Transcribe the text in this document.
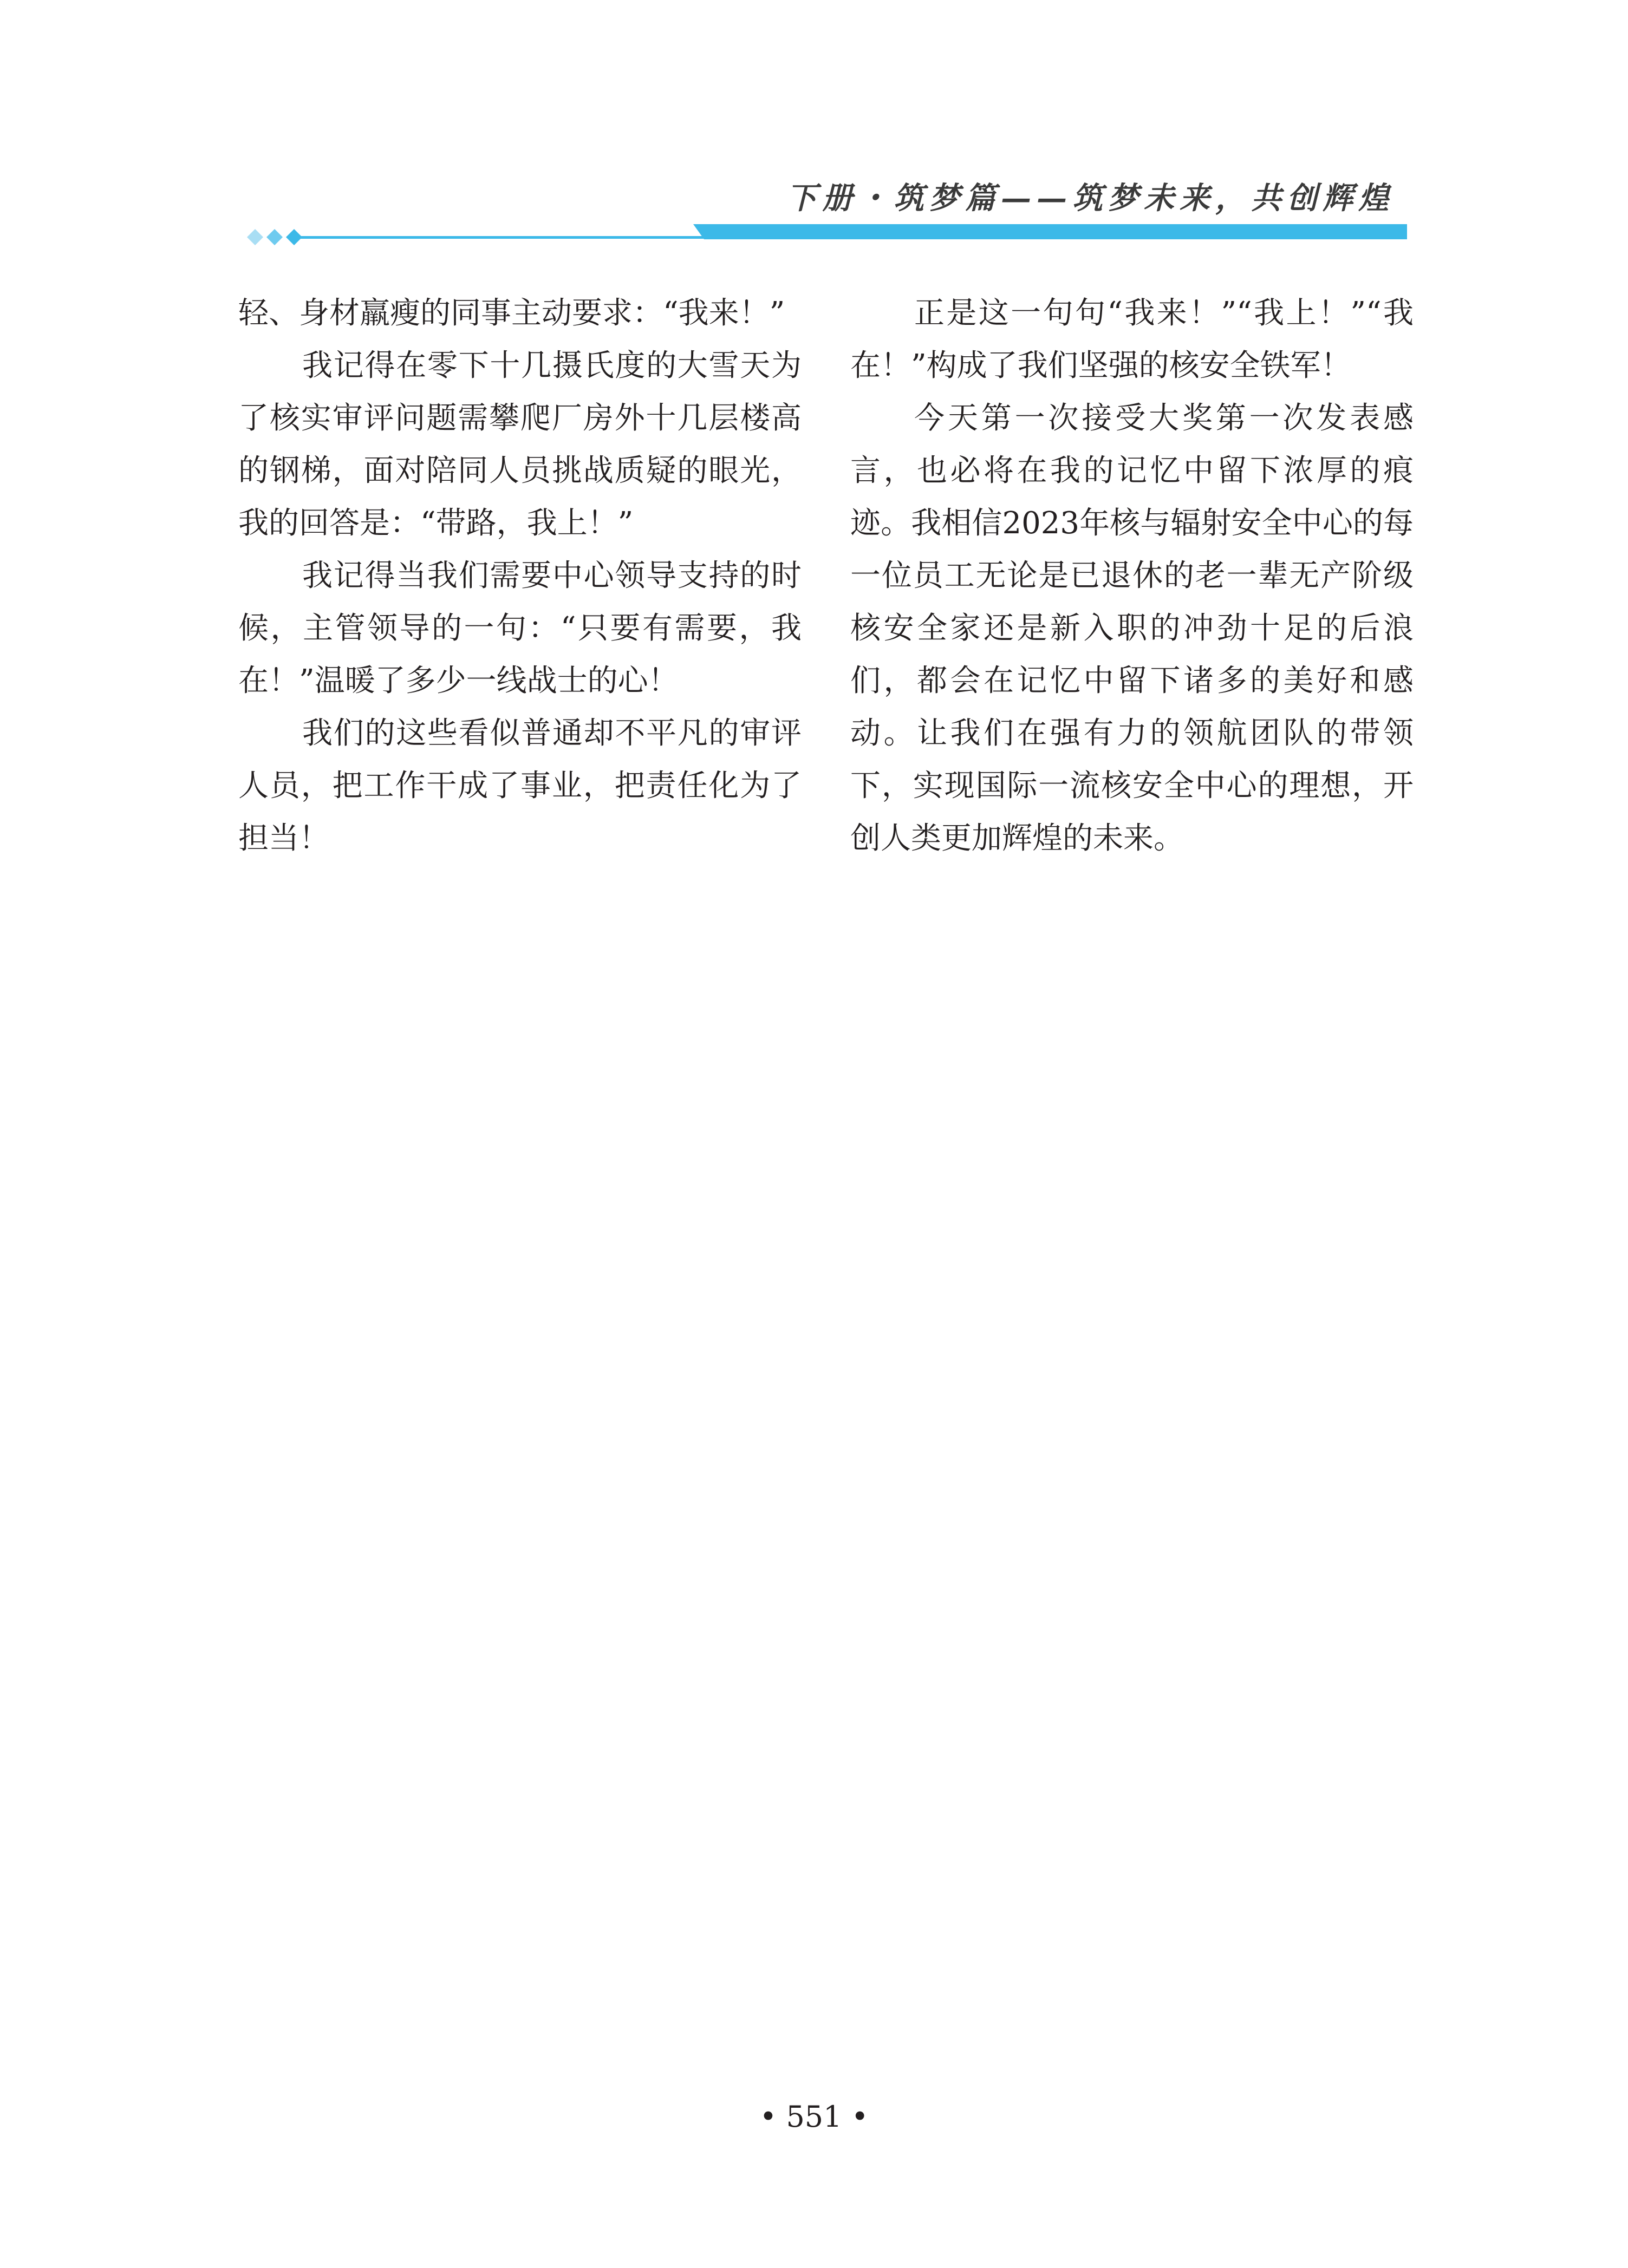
下册・筑梦篇——筑梦未来，共创辉煌

轻、身材羸瘦的同事主动要求：“我来！”

我记得在零下十几摄氏度的大雪天为了核实审评问题需攀爬厂房外十几层楼高的钢梯，面对陪同人员挑战质疑的眼光，我的回答是：“带路，我上！”

我记得当我们需要中心领导支持的时候，主管领导的一句：“只要有需要，我在！”温暖了多少一线战士的心！

我们的这些看似普通却不平凡的审评人员，把工作干成了事业，把责任化为了担当！

正是这一句句“我来！”“我上！”“我在！”构成了我们坚强的核安全铁军！

今天第一次接受大奖第一次发表感言，也必将在我的记忆中留下浓厚的痕迹。我相信2023年核与辐射安全中心的每一位员工无论是已退休的老一辈无产阶级核安全家还是新入职的冲劲十足的后浪们，都会在记忆中留下诸多的美好和感动。让我们在强有力的领航团队的带领下，实现国际一流核安全中心的理想，开创人类更加辉煌的未来。

• 551 •
